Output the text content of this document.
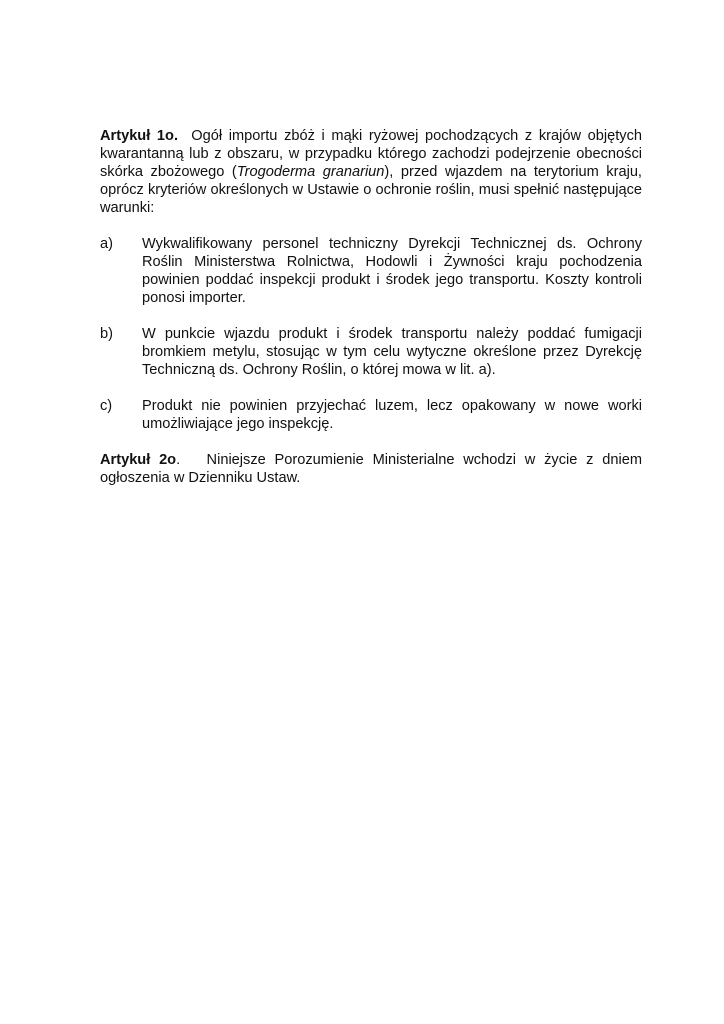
Artykuł 1o. Ogół importu zbóż i mąki ryżowej pochodzących z krajów objętych kwarantanną lub z obszaru, w przypadku którego zachodzi podejrzenie obecności skórka zbożowego (Trogoderma granariun), przed wjazdem na terytorium kraju, oprócz kryteriów określonych w Ustawie o ochronie roślin, musi spełnić następujące warunki:

a)	Wykwalifikowany personel techniczny Dyrekcji Technicznej ds. Ochrony Roślin Ministerstwa Rolnictwa, Hodowli i Żywności kraju pochodzenia powinien poddać inspekcji produkt i środek jego transportu. Koszty kontroli ponosi importer.
b)	W punkcie wjazdu produkt i środek transportu należy poddać fumigacji bromkiem metylu, stosując w tym celu wytyczne określone przez Dyrekcję Techniczną ds. Ochrony Roślin, o której mowa w lit. a).
c)	Produkt nie powinien przyjechać luzem, lecz opakowany w nowe worki umożliwiające jego inspekcję.

Artykuł 2o. Niniejsze Porozumienie Ministerialne wchodzi w życie z dniem ogłoszenia w Dzienniku Ustaw.
